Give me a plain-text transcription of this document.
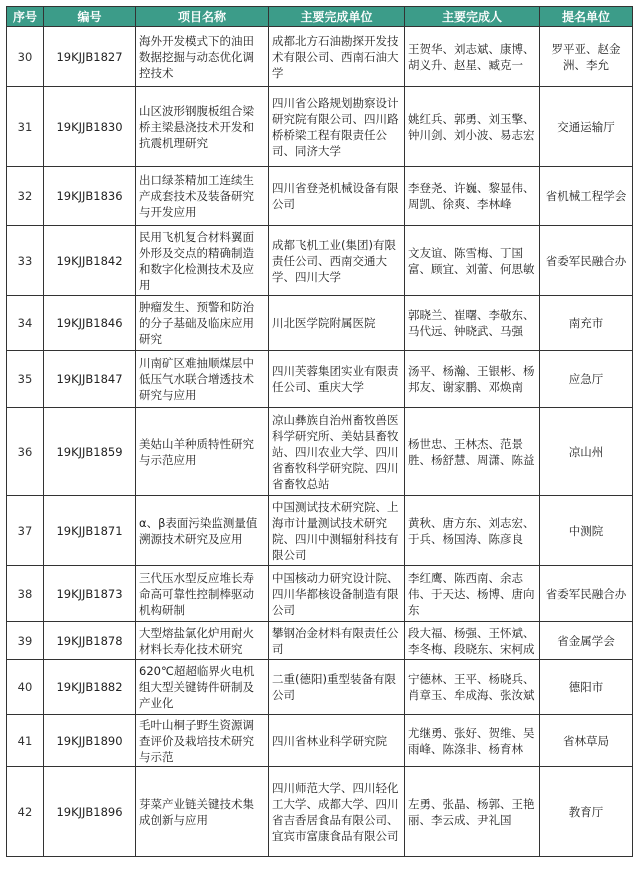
序号	编号	项目名称	主要完成单位	主要完成人	提名单位
30	19KJJB1827	海外开发模式下的油田数据挖掘与动态优化调控技术	成都北方石油勘探开发技术有限公司、西南石油大学	王贺华、刘志斌、康博、胡义升、赵星、臧克一	罗平亚、赵金洲、李允
31	19KJJB1830	山区波形钢腹板组合梁桥主梁悬浇技术开发和抗震机理研究	四川省公路规划勘察设计研究院有限公司、四川路桥桥梁工程有限责任公司、同济大学	姚红兵、郭勇、刘玉擎、钟川剑、刘小波、易志宏	交通运输厅
32	19KJJB1836	出口绿茶精加工连续生产成套技术及装备研究与开发应用	四川省登尧机械设备有限公司	李登尧、许巍、黎显伟、周凯、徐爽、李林峰	省机械工程学会
33	19KJJB1842	民用飞机复合材料翼面外形及交点的精确制造和数字化检测技术及应用	成都飞机工业(集团)有限责任公司、西南交通大学、四川大学	文友谊、陈雪梅、丁国富、顾宜、刘蕾、何思敏	省委军民融合办
34	19KJJB1846	肿瘤发生、预警和防治的分子基础及临床应用研究	川北医学院附属医院	郭晓兰、崔曙、李敬东、马代远、钟晓武、马强	南充市
35	19KJJB1847	川南矿区难抽顺煤层中低压气水联合增透技术研究与应用	四川芙蓉集团实业有限责任公司、重庆大学	汤平、杨瀚、王银彬、杨邦友、谢家鹏、邓焕南	应急厅
36	19KJJB1859	美姑山羊种质特性研究与示范应用	凉山彝族自治州畜牧兽医科学研究所、美姑县畜牧站、四川农业大学、四川省畜牧科学研究院、四川省畜牧总站	杨世忠、王林杰、范景胜、杨舒慧、周潇、陈益	凉山州
37	19KJJB1871	α、β表面污染监测量值溯源技术研究及应用	中国测试技术研究院、上海市计量测试技术研究院、四川中测辐射科技有限公司	黄秋、唐方东、刘志宏、于兵、杨国涛、陈彦良	中测院
38	19KJJB1873	三代压水型反应堆长寿命高可靠性控制棒驱动机构研制	中国核动力研究设计院、四川华都核设备制造有限公司	李红鹰、陈西南、余志伟、于天达、杨博、唐向东	省委军民融合办
39	19KJJB1878	大型熔盐氯化炉用耐火材料长寿化技术研究	攀钢冶金材料有限责任公司	段大福、杨强、王怀斌、李冬梅、段晓东、宋柯成	省金属学会
40	19KJJB1882	620℃超超临界火电机组大型关键铸件研制及产业化	二重(德阳)重型装备有限公司	宁德林、王平、杨晓兵、肖章玉、牟成海、张汝斌	德阳市
41	19KJJB1890	毛叶山桐子野生资源调查评价及栽培技术研究与示范	四川省林业科学研究院	尤继勇、张好、贺维、吴雨峰、陈涤非、杨育林	省林草局
42	19KJJB1896	芽菜产业链关键技术集成创新与应用	四川师范大学、四川轻化工大学、成都大学、四川省吉香居食品有限公司、宜宾市富康食品有限公司	左勇、张晶、杨郭、王艳丽、李云成、尹礼国	教育厅
